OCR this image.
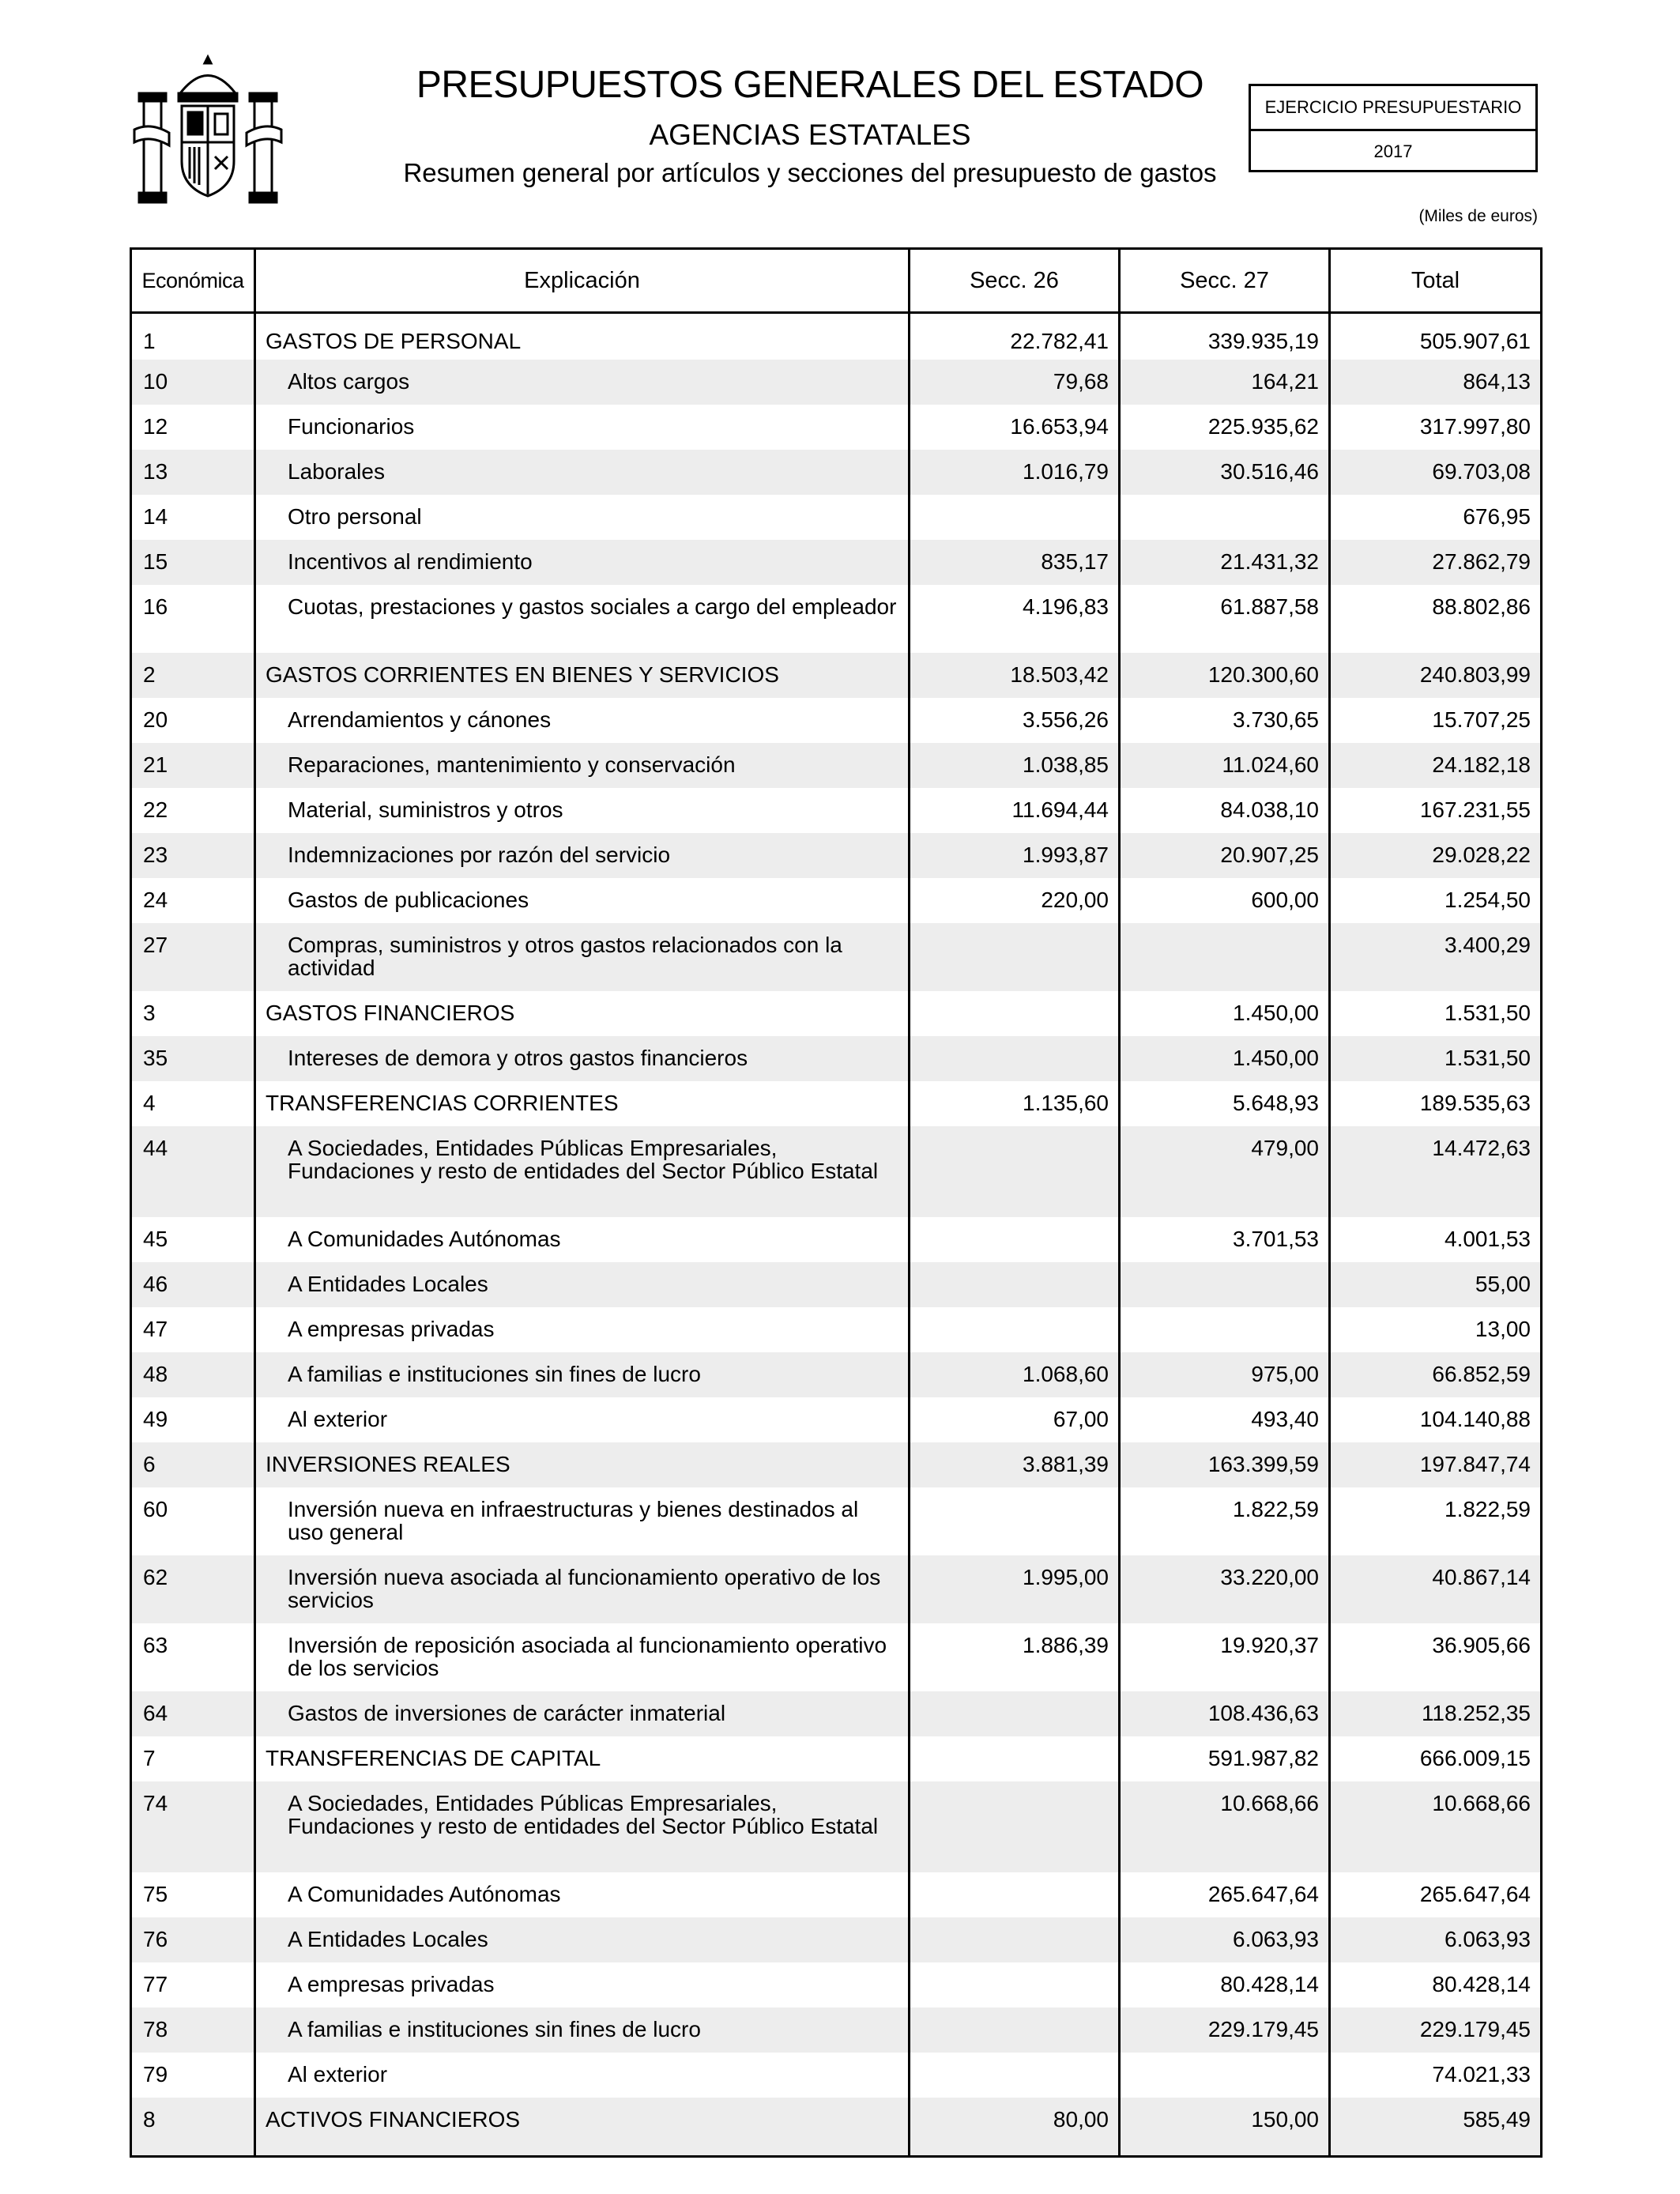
PRESUPUESTOS GENERALES DEL ESTADO
AGENCIAS ESTATALES
Resumen general por artículos y secciones del presupuesto de gastos
EJERCICIO PRESUPUESTARIO
2017
(Miles de euros)
Económica	Explicación	Secc. 26	Secc. 27	Total
1	GASTOS DE PERSONAL	22.782,41	339.935,19	505.907,61
10	Altos cargos	79,68	164,21	864,13
12	Funcionarios	16.653,94	225.935,62	317.997,80
13	Laborales	1.016,79	30.516,46	69.703,08
14	Otro personal			676,95
15	Incentivos al rendimiento	835,17	21.431,32	27.862,79
16	Cuotas, prestaciones y gastos sociales a cargo del empleador	4.196,83	61.887,58	88.802,86
2	GASTOS CORRIENTES EN BIENES Y SERVICIOS	18.503,42	120.300,60	240.803,99
20	Arrendamientos y cánones	3.556,26	3.730,65	15.707,25
21	Reparaciones, mantenimiento y conservación	1.038,85	11.024,60	24.182,18
22	Material, suministros y otros	11.694,44	84.038,10	167.231,55
23	Indemnizaciones por razón del servicio	1.993,87	20.907,25	29.028,22
24	Gastos de publicaciones	220,00	600,00	1.254,50
27	Compras, suministros y otros gastos relacionados con la actividad			3.400,29
3	GASTOS FINANCIEROS		1.450,00	1.531,50
35	Intereses de demora y otros gastos financieros		1.450,00	1.531,50
4	TRANSFERENCIAS CORRIENTES	1.135,60	5.648,93	189.535,63
44	A Sociedades, Entidades Públicas Empresariales, Fundaciones y resto de entidades del Sector Público Estatal		479,00	14.472,63
45	A Comunidades Autónomas		3.701,53	4.001,53
46	A Entidades Locales			55,00
47	A empresas privadas			13,00
48	A familias e instituciones sin fines de lucro	1.068,60	975,00	66.852,59
49	Al exterior	67,00	493,40	104.140,88
6	INVERSIONES REALES	3.881,39	163.399,59	197.847,74
60	Inversión nueva en infraestructuras y bienes destinados al uso general		1.822,59	1.822,59
62	Inversión nueva asociada al funcionamiento operativo de los servicios	1.995,00	33.220,00	40.867,14
63	Inversión de reposición asociada al funcionamiento operativo de los servicios	1.886,39	19.920,37	36.905,66
64	Gastos de inversiones de carácter inmaterial		108.436,63	118.252,35
7	TRANSFERENCIAS DE CAPITAL		591.987,82	666.009,15
74	A Sociedades, Entidades Públicas Empresariales, Fundaciones y resto de entidades del Sector Público Estatal		10.668,66	10.668,66
75	A Comunidades Autónomas		265.647,64	265.647,64
76	A Entidades Locales		6.063,93	6.063,93
77	A empresas privadas		80.428,14	80.428,14
78	A familias e instituciones sin fines de lucro		229.179,45	229.179,45
79	Al exterior			74.021,33
8	ACTIVOS FINANCIEROS	80,00	150,00	585,49
